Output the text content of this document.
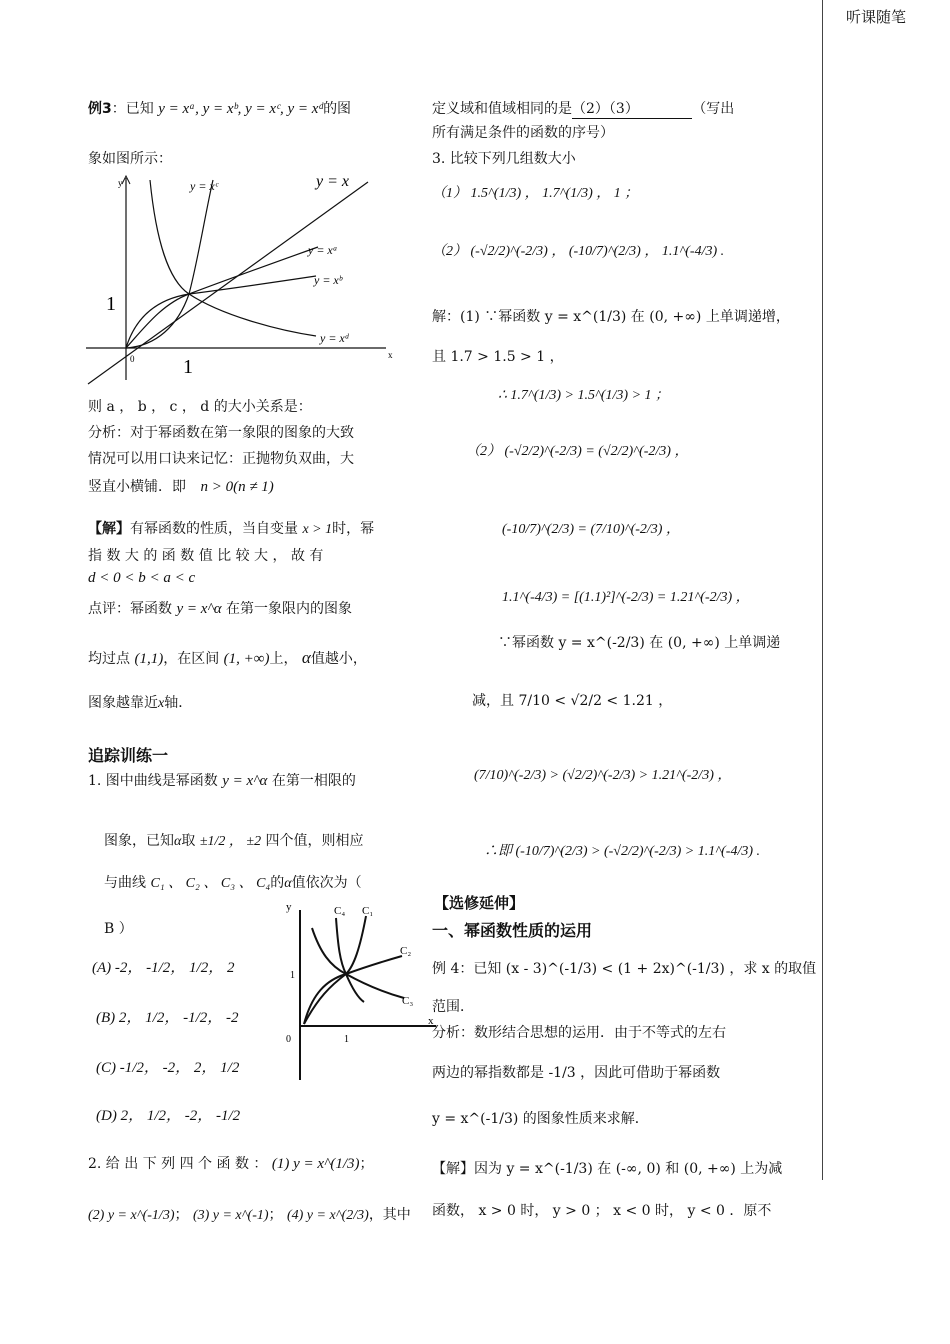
听课随笔
例3：已知 y = xᵃ, y = xᵇ, y = xᶜ, y = xᵈ的图
象如图所示：
y
x
0 1
1
y = xᶜ	y = x
y = xᵃ
y = xᵇ
y = xᵈ
则 a ， b ， c ， d 的大小关系是：
分析：对于幂函数在第一象限的图象的大致
情况可以用口诀来记忆：正抛物负双曲，大
竖直小横铺．即 n > 0(n ≠ 1)
【解】有幂函数的性质，当自变量 x > 1时，幂
指 数 大 的 函 数 值 比 较 大 ， 故 有
d < 0 < b < a < c
点评：幂函数 y = x^α 在第一象限内的图象
均过点 (1,1)，在区间 (1, +∞)上， α值越小，
图象越靠近x轴．
追踪训练一
1. 图中曲线是幂函数 y = x^α 在第一相限的
图象，已知α取 ±1/2 ， ±2 四个值，则相应
与曲线 C₁ 、 C₂ 、 C₃ 、 C₄的α值依次为（
B ）
(A) -2， -1/2， 1/2， 2
(B) 2， 1/2， -1/2， -2
(C) -1/2， -2， 2， 1/2
(D) 2， 1/2， -2， -1/2
y
x
0	1
1
C₁
C₂
C₃
C₄
2. 给 出 下 列 四 个 函 数 ： (1) y = x^(1/3)；
(2) y = x^(-1/3)； (3) y = x^(-1)； (4) y = x^(2/3)，其中
定义域和值域相同的是（2）（3）	（写出
所有满足条件的函数的序号）
3. 比较下列几组数大小
（1） 1.5^(1/3) ， 1.7^(1/3) ， 1 ；
（2） (-√2/2)^(-2/3) ， (-10/7)^(2/3) ， 1.1^(-4/3) .
解：(1) ∵幂函数 y = x^(1/3) 在 (0, +∞) 上单调递增，
且 1.7 > 1.5 > 1 ，
∴ 1.7^(1/3) > 1.5^(1/3) > 1 ；
（2） (-√2/2)^(-2/3) = (√2/2)^(-2/3) ，
(-10/7)^(2/3) = (7/10)^(-2/3) ，
1.1^(-4/3) = [(1.1)²]^(-2/3) = 1.21^(-2/3) ，
∵幂函数 y = x^(-2/3) 在 (0, +∞) 上单调递
减，且 7/10 < √2/2 < 1.21 ，
(7/10)^(-2/3) > (√2/2)^(-2/3) > 1.21^(-2/3) ，
∴即 (-10/7)^(2/3) > (-√2/2)^(-2/3) > 1.1^(-4/3) .
【选修延伸】
一、幂函数性质的运用
例 4：已知 (x - 3)^(-1/3) < (1 + 2x)^(-1/3) ，求 x 的取值
范围．
分析：数形结合思想的运用．由于不等式的左右
两边的幂指数都是 -1/3 ，因此可借助于幂函数
y = x^(-1/3) 的图象性质来求解．
【解】因为 y = x^(-1/3) 在 (-∞, 0) 和 (0, +∞) 上为减
函数， x > 0 时， y > 0 ； x < 0 时， y < 0 ．原不
